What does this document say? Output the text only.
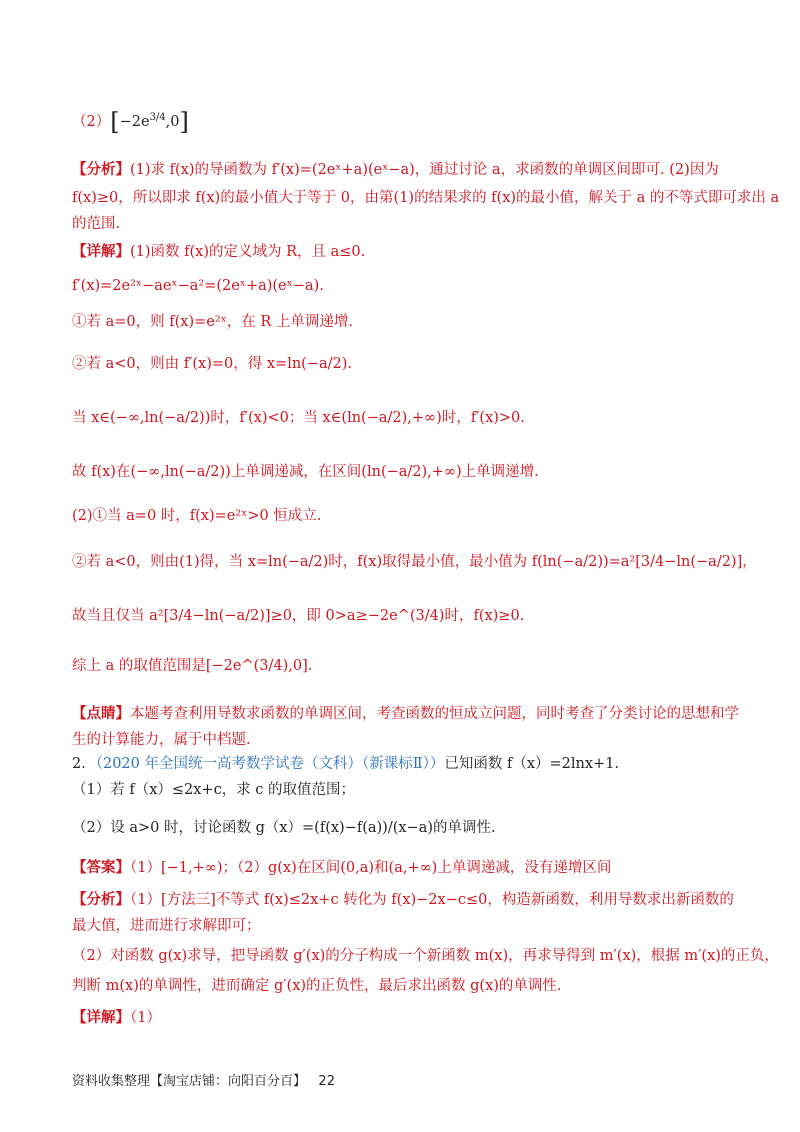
$(2)[-2e^{3/4},0]$
【分析】(1)求 f(x)的导函数为 f′(x)=(2eˣ+a)(eˣ−a)，通过讨论 a，求函数的单调区间即可. (2)因为
f(x)≥0，所以即求 f(x)的最小值大于等于 0，由第(1)的结果求的 f(x)的最小值，解关于 a 的不等式即可求出 a
的范围.
【详解】(1)函数 f(x)的定义域为 R，且 a≤0.
f′(x)=2e²ˣ−aeˣ−a²=(2eˣ+a)(eˣ−a).
①若 a=0，则 f(x)=e²ˣ，在 R 上单调递增.
②若 a<0，则由 f′(x)=0，得 x=ln(−a/2).
当 x∈(−∞,ln(−a/2))时，f′(x)<0；当 x∈(ln(−a/2),+∞)时，f′(x)>0.
故 f(x)在(−∞,ln(−a/2))上单调递减，在区间(ln(−a/2),+∞)上单调递增.
(2)①当 a=0 时，f(x)=e²ˣ>0 恒成立.
②若 a<0，则由(1)得，当 x=ln(−a/2)时，f(x)取得最小值，最小值为 f(ln(−a/2))=a²[3/4−ln(−a/2)]，
故当且仅当 a²[3/4−ln(−a/2)]≥0，即 0>a≥−2e^(3/4)时，f(x)≥0.
综上 a 的取值范围是[−2e^(3/4),0].
【点睛】本题考查利用导数求函数的单调区间，考查函数的恒成立问题，同时考查了分类讨论的思想和学
生的计算能力，属于中档题.
2．（2020 年全国统一高考数学试卷（文科）（新课标Ⅱ））已知函数 f（x）=2lnx+1.
（1）若 f（x）≤2x+c，求 c 的取值范围；
（2）设 a>0 时，讨论函数 g（x）=(f(x)−f(a))/(x−a)的单调性.
【答案】（1）[−1,+∞)；（2）g(x)在区间(0,a)和(a,+∞)上单调递减，没有递增区间
【分析】（1）[方法三]不等式 f(x)≤2x+c 转化为 f(x)−2x−c≤0，构造新函数，利用导数求出新函数的
最大值，进而进行求解即可；
（2）对函数 g(x)求导，把导函数 g′(x)的分子构成一个新函数 m(x)，再求导得到 m′(x)，根据 m′(x)的正负，
判断 m(x)的单调性，进而确定 g′(x)的正负性，最后求出函数 g(x)的单调性.
【详解】（1）
资料收集整理【淘宝店铺：向阳百分百】 22
